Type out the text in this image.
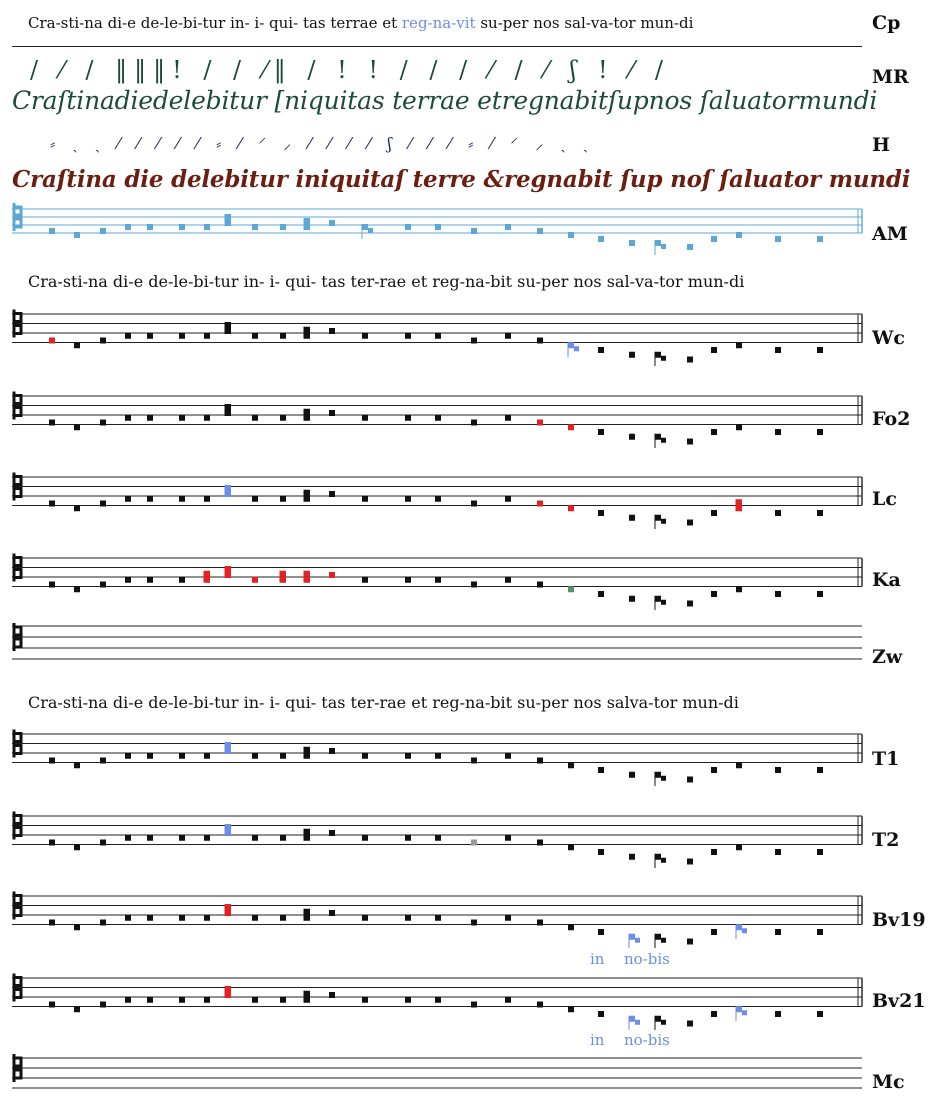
Cra-sti-na di-e de-le-bi-tur in- i- qui- tas terrae et reg-na-vit su-per nos sal-va-tor mun-di	Cp
/ ⁄ / ‖‖‖! / / ⁄‖ / ! ! / / / ⁄ / ⁄ ʃ ! ⁄ /
Craſtinadiedelebitur [niquitas terrae etregnabitſupnos ſaluatormundi
MR
⸗ ˏ ˏ ⁄ ⁄ ⁄ ⁄ ⁄ ⸗ ⁄ ⸍ ⸝ ⁄ ⁄ ⁄ ⁄ ʃ ⁄ ⁄ ⁄ ⸗ ⁄ ⸍ ⸝ ˏ ˏ
Craſtina die delebitur iniquitaſ terre &regnabit ſup noſ ſaluator mundi
H
AM
Cra-sti-na di-e de-le-bi-tur in- i- qui- tas ter-rae et reg-na-bit su-per nos sal-va-tor mun-di
Wc
Fo2
Lc
Ka
Zw
Cra-sti-na di-e de-le-bi-tur in- i- qui- tas ter-rae et reg-na-bit su-per nos salva-tor mun-di
T1
T2
Bv19
in no-bis
Bv21
in no-bis
Mc
